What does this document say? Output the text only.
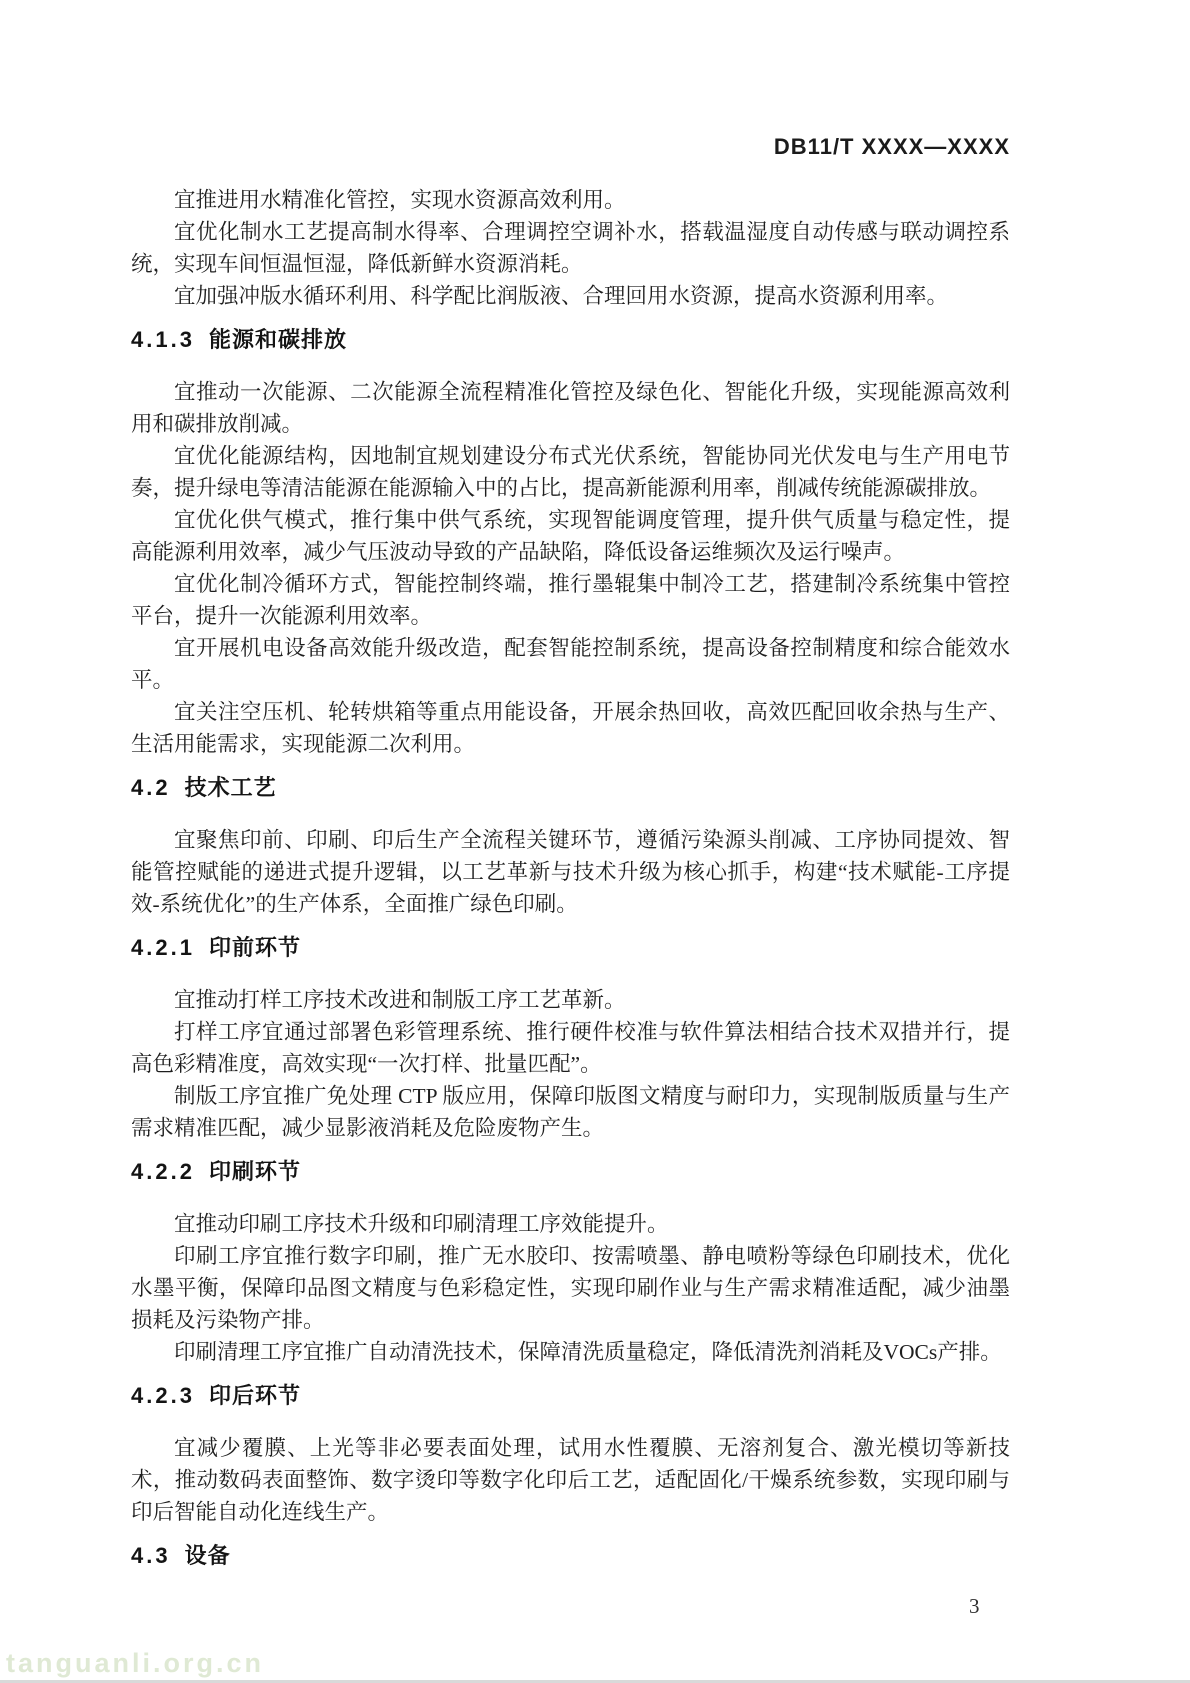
DB11/T XXXX—XXXX

宜推进用水精准化管控，实现水资源高效利用。

宜优化制水工艺提高制水得率、合理调控空调补水，搭载温湿度自动传感与联动调控系统，实现车间恒温恒湿，降低新鲜水资源消耗。

宜加强冲版水循环利用、科学配比润版液、合理回用水资源，提高水资源利用率。

4.1.3 能源和碳排放

宜推动一次能源、二次能源全流程精准化管控及绿色化、智能化升级，实现能源高效利用和碳排放削减。

宜优化能源结构，因地制宜规划建设分布式光伏系统，智能协同光伏发电与生产用电节奏，提升绿电等清洁能源在能源输入中的占比，提高新能源利用率，削减传统能源碳排放。

宜优化供气模式，推行集中供气系统，实现智能调度管理，提升供气质量与稳定性，提高能源利用效率，减少气压波动导致的产品缺陷，降低设备运维频次及运行噪声。

宜优化制冷循环方式，智能控制终端，推行墨辊集中制冷工艺，搭建制冷系统集中管控平台，提升一次能源利用效率。

宜开展机电设备高效能升级改造，配套智能控制系统，提高设备控制精度和综合能效水平。

宜关注空压机、轮转烘箱等重点用能设备，开展余热回收，高效匹配回收余热与生产、生活用能需求，实现能源二次利用。

4.2 技术工艺

宜聚焦印前、印刷、印后生产全流程关键环节，遵循污染源头削减、工序协同提效、智能管控赋能的递进式提升逻辑，以工艺革新与技术升级为核心抓手，构建“技术赋能-工序提效-系统优化”的生产体系，全面推广绿色印刷。

4.2.1 印前环节

宜推动打样工序技术改进和制版工序工艺革新。

打样工序宜通过部署色彩管理系统、推行硬件校准与软件算法相结合技术双措并行，提高色彩精准度，高效实现“一次打样、批量匹配”。

制版工序宜推广免处理 CTP 版应用，保障印版图文精度与耐印力，实现制版质量与生产需求精准匹配，减少显影液消耗及危险废物产生。

4.2.2 印刷环节

宜推动印刷工序技术升级和印刷清理工序效能提升。

印刷工序宜推行数字印刷，推广无水胶印、按需喷墨、静电喷粉等绿色印刷技术，优化水墨平衡，保障印品图文精度与色彩稳定性，实现印刷作业与生产需求精准适配，减少油墨损耗及污染物产排。

印刷清理工序宜推广自动清洗技术，保障清洗质量稳定，降低清洗剂消耗及VOCs产排。

4.2.3 印后环节

宜减少覆膜、上光等非必要表面处理，试用水性覆膜、无溶剂复合、激光模切等新技术，推动数码表面整饰、数字烫印等数字化印后工艺，适配固化/干燥系统参数，实现印刷与印后智能自动化连线生产。

4.3 设备
3
tanguanli.org.cn
